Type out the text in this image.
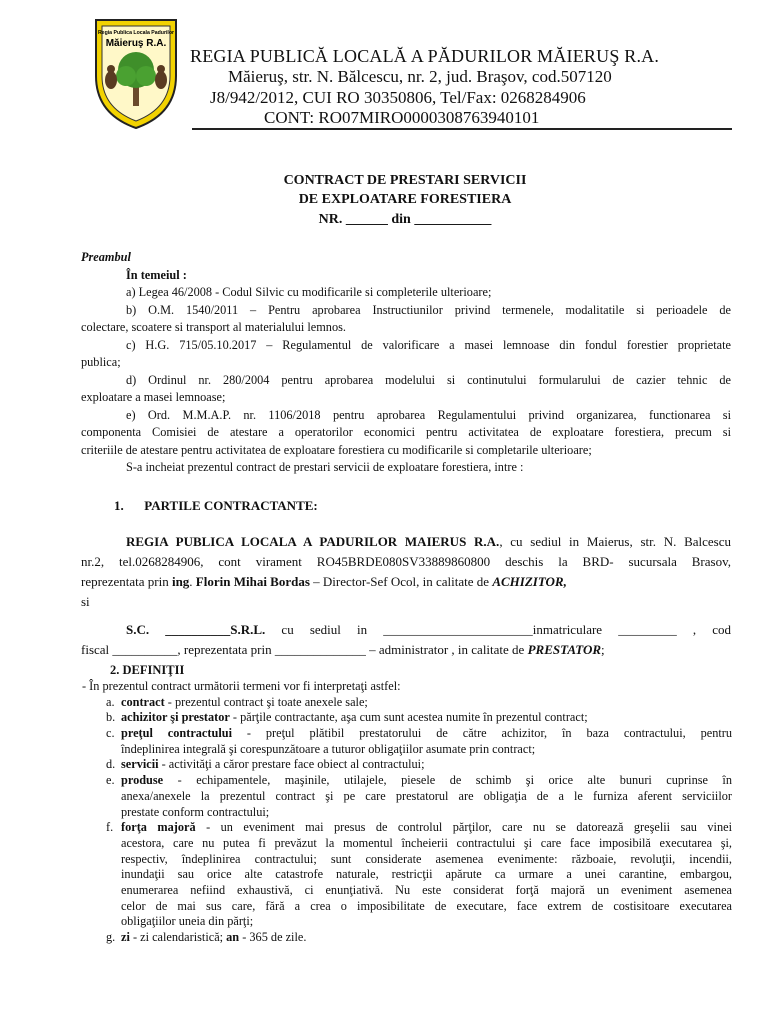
Regia Publica Locala Padurilor
Măieruş R.A.
REGIA PUBLICĂ LOCALĂ A PĂDURILOR MĂIERUŞ R.A.
Măieruş, str. N. Bălcescu, nr. 2, jud. Braşov, cod.507120
J8/942/2012, CUI RO 30350806, Tel/Fax: 0268284906
CONT: RO07MIRO0000308763940101
CONTRACT DE PRESTARI SERVICII
DE EXPLOATARE FORESTIERA
NR. ______ din ___________
Preambul
În temeiul :
a) Legea 46/2008 - Codul Silvic cu modificarile si completerile ulterioare;
b) O.M. 1540/2011 – Pentru aprobarea Instructiunilor privind termenele, modalitatile si perioadele de
colectare, scoatere si transport al materialului lemnos.
c) H.G. 715/05.10.2017 – Regulamentul de valorificare a masei lemnoase din fondul forestier proprietate
publica;
d) Ordinul nr. 280/2004 pentru aprobarea modelului si continutului formularului de cazier tehnic de
exploatare a masei lemnoase;
e) Ord. M.M.A.P. nr. 1106/2018 pentru aprobarea Regulamentului privind organizarea, functionarea si
componenta Comisiei de atestare a operatorilor economici pentru activitatea de exploatare forestiera, precum si
criteriile de atestare pentru activitatea de exploatare forestiera cu modificarile si completarile ulterioare;
S-a incheiat prezentul contract de prestari servicii de exploatare forestiera, intre :
1. PARTILE CONTRACTANTE:
REGIA PUBLICA LOCALA A PADURILOR MAIERUS R.A., cu sediul in Maierus, str. N. Balcescu
nr.2, tel.0268284906, cont virament RO45BRDE080SV33889860800 deschis la BRD- sucursala Brasov,
reprezentata prin ing. Florin Mihai Bordas – Director-Sef Ocol, in calitate de ACHIZITOR,
si
S.C. __________S.R.L. cu sediul in _______________________inmatriculare _________ , cod
fiscal __________, reprezentata prin ______________ – administrator , in calitate de PRESTATOR;
2. DEFINIŢII
- În prezentul contract următorii termeni vor fi interpretaţi astfel:
a. contract - prezentul contract şi toate anexele sale;
b. achizitor şi prestator - părţile contractante, aşa cum sunt acestea numite în prezentul contract;
c. preţul contractului - preţul plătibil prestatorului de către achizitor, în baza contractului, pentru
îndeplinirea integrală şi corespunzătoare a tuturor obligaţiilor asumate prin contract;
d. servicii - activităţi a căror prestare face obiect al contractului;
e. produse - echipamentele, maşinile, utilajele, piesele de schimb şi orice alte bunuri cuprinse în
anexa/anexele la prezentul contract şi pe care prestatorul are obligaţia de a le furniza aferent serviciilor
prestate conform contractului;
f. forţa majoră - un eveniment mai presus de controlul părţilor, care nu se datorează greşelii sau vinei
acestora, care nu putea fi prevăzut la momentul încheierii contractului şi care face imposibilă executarea şi,
respectiv, îndeplinirea contractului; sunt considerate asemenea evenimente: războaie, revoluţii, incendii,
inundaţii sau orice alte catastrofe naturale, restricţii apărute ca urmare a unei carantine, embargou,
enumerarea nefiind exhaustivă, ci enunţiativă. Nu este considerat forţă majoră un eveniment asemenea
celor de mai sus care, fără a crea o imposibilitate de executare, face extrem de costisitoare executarea
obligaţiilor uneia din părţi;
g. zi - zi calendaristică; an - 365 de zile.
